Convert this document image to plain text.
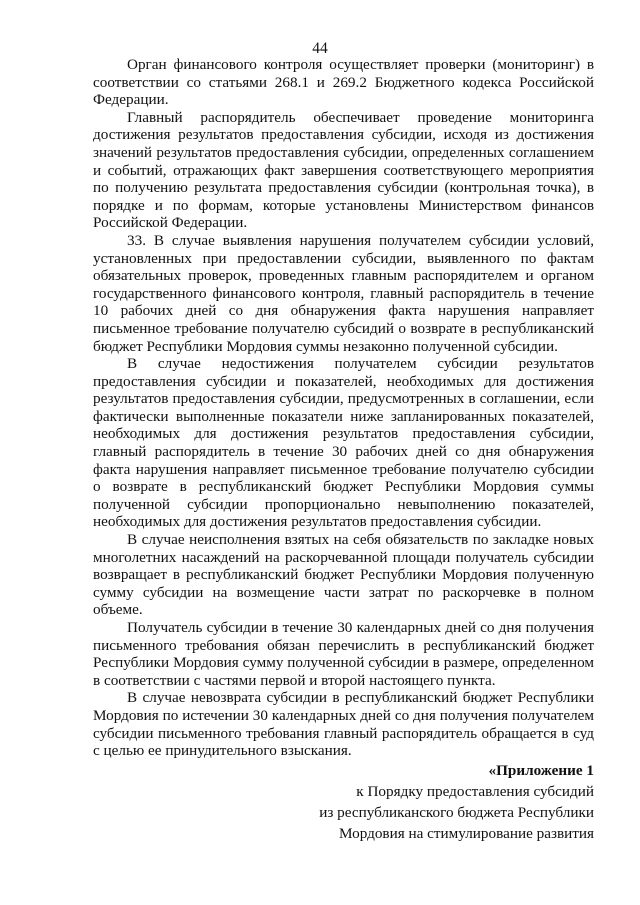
44

Орган финансового контроля осуществляет проверки (мониторинг) в соответствии со статьями 268.1 и 269.2 Бюджетного кодекса Российской Федерации.

Главный распорядитель обеспечивает проведение мониторинга достижения результатов предоставления субсидии, исходя из достижения значений результатов предоставления субсидии, определенных соглашением и событий, отражающих факт завершения соответствующего мероприятия по получению результата предоставления субсидии (контрольная точка), в порядке и по формам, которые установлены Министерством финансов Российской Федерации.

33. В случае выявления нарушения получателем субсидии условий, установленных при предоставлении субсидии, выявленного по фактам обязательных проверок, проведенных главным распорядителем и органом государственного финансового контроля, главный распорядитель в течение 10 рабочих дней со дня обнаружения факта нарушения направляет письменное требование получателю субсидий о возврате в республиканский бюджет Республики Мордовия суммы незаконно полученной субсидии.

В случае недостижения получателем субсидии результатов предоставления субсидии и показателей, необходимых для достижения результатов предоставления субсидии, предусмотренных в соглашении, если фактически выполненные показатели ниже запланированных показателей, необходимых для достижения результатов предоставления субсидии, главный распорядитель в течение 30 рабочих дней со дня обнаружения факта нарушения направляет письменное требование получателю субсидии о возврате в республиканский бюджет Республики Мордовия суммы полученной субсидии пропорционально невыполнению показателей, необходимых для достижения результатов предоставления субсидии.

В случае неисполнения взятых на себя обязательств по закладке новых многолетних насаждений на раскорчеванной площади получатель субсидии возвращает в республиканский бюджет Республики Мордовия полученную сумму субсидии на возмещение части затрат по раскорчевке в полном объеме.

Получатель субсидии в течение 30 календарных дней со дня получения письменного требования обязан перечислить в республиканский бюджет Республики Мордовия сумму полученной субсидии в размере, определенном в соответствии с частями первой и второй настоящего пункта.

В случае невозврата субсидии в республиканский бюджет Республики Мордовия по истечении 30 календарных дней со дня получения получателем субсидии письменного требования главный распорядитель обращается в суд с целью ее принудительного взыскания.

«Приложение 1
к Порядку предоставления субсидий
из республиканского бюджета Республики
Мордовия на стимулирование развития
